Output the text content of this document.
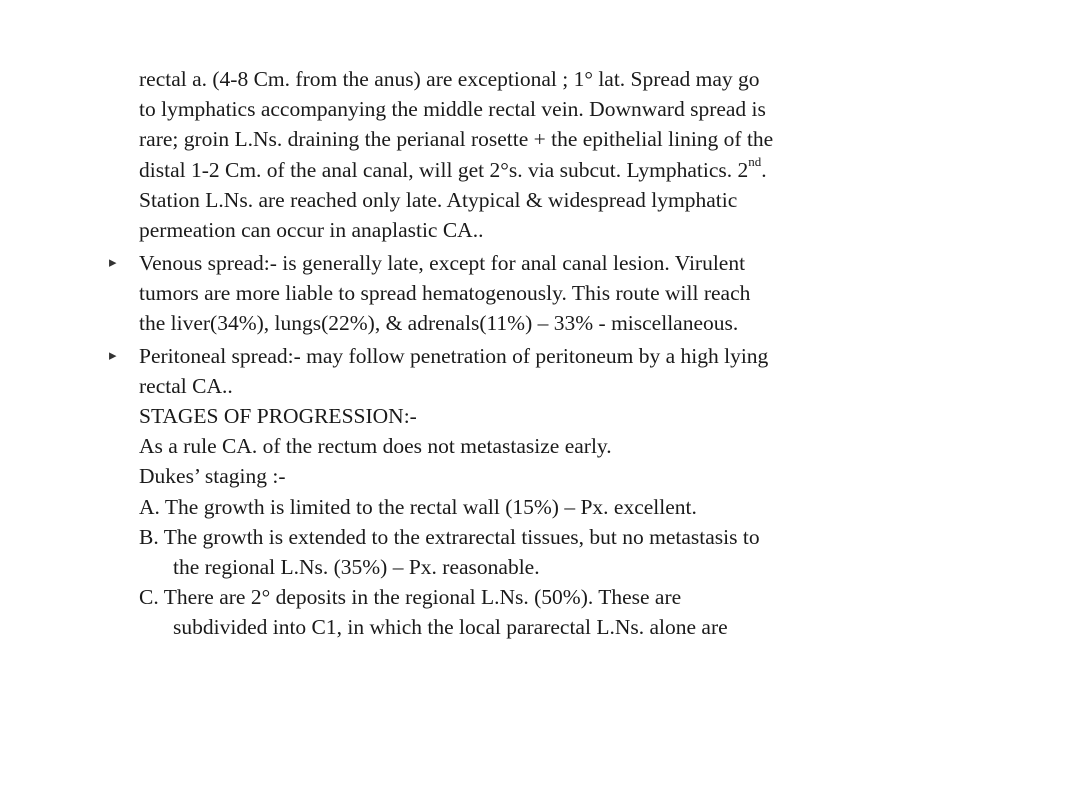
rectal a. (4-8 Cm. from the anus) are exceptional ; 1° lat. Spread may go
to lymphatics accompanying the middle rectal vein. Downward spread is
rare; groin L.Ns. draining the perianal rosette + the epithelial lining of the
distal 1-2 Cm. of the anal canal, will get 2°s. via subcut. Lymphatics. 2nd.
Station L.Ns. are reached only late. Atypical & widespread lymphatic
permeation can occur in anaplastic CA..
▸ Venous spread:- is generally late, except for anal canal lesion. Virulent
tumors are more liable to spread hematogenously. This route will reach
the liver(34%), lungs(22%), & adrenals(11%) – 33% - miscellaneous.
▸ Peritoneal spread:- may follow penetration of peritoneum by a high lying
rectal CA..
STAGES OF PROGRESSION:-
As a rule CA. of the rectum does not metastasize early.
Dukes’ staging :-
A. The growth is limited to the rectal wall (15%) – Px. excellent.
B. The growth is extended to the extrarectal tissues, but no metastasis to
the regional L.Ns. (35%) – Px. reasonable.
C. There are 2° deposits in the regional L.Ns. (50%). These are
subdivided into C1, in which the local pararectal L.Ns. alone are
